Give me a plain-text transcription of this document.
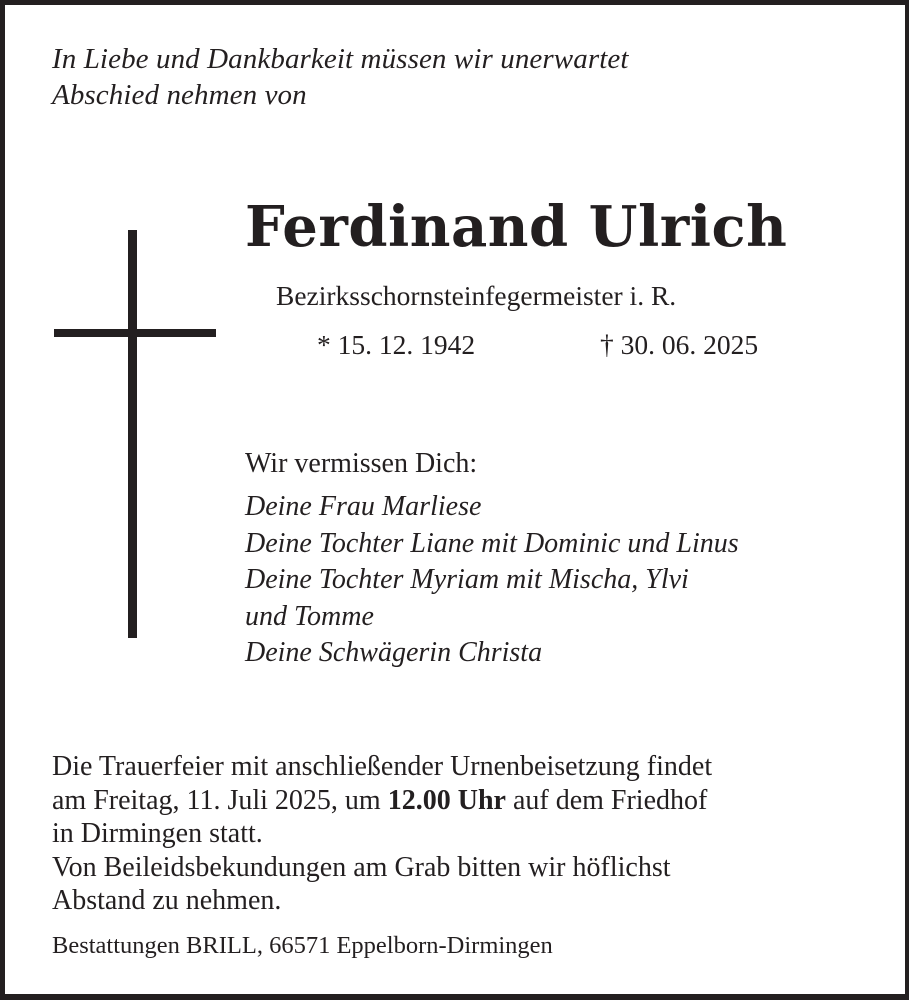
In Liebe und Dankbarkeit müssen wir unerwartet
Abschied nehmen von
Ferdinand Ulrich
Bezirksschornsteinfegermeister i. R.
* 15. 12. 1942	† 30. 06. 2025
Wir vermissen Dich:
Deine Frau Marliese
Deine Tochter Liane mit Dominic und Linus
Deine Tochter Myriam mit Mischa, Ylvi
und Tomme
Deine Schwägerin Christa
Die Trauerfeier mit anschließender Urnenbeisetzung findet
am Freitag, 11. Juli 2025, um 12.00 Uhr auf dem Friedhof
in Dirmingen statt.
Von Beileidsbekundungen am Grab bitten wir höflichst
Abstand zu nehmen.
Bestattungen BRILL, 66571 Eppelborn-Dirmingen
